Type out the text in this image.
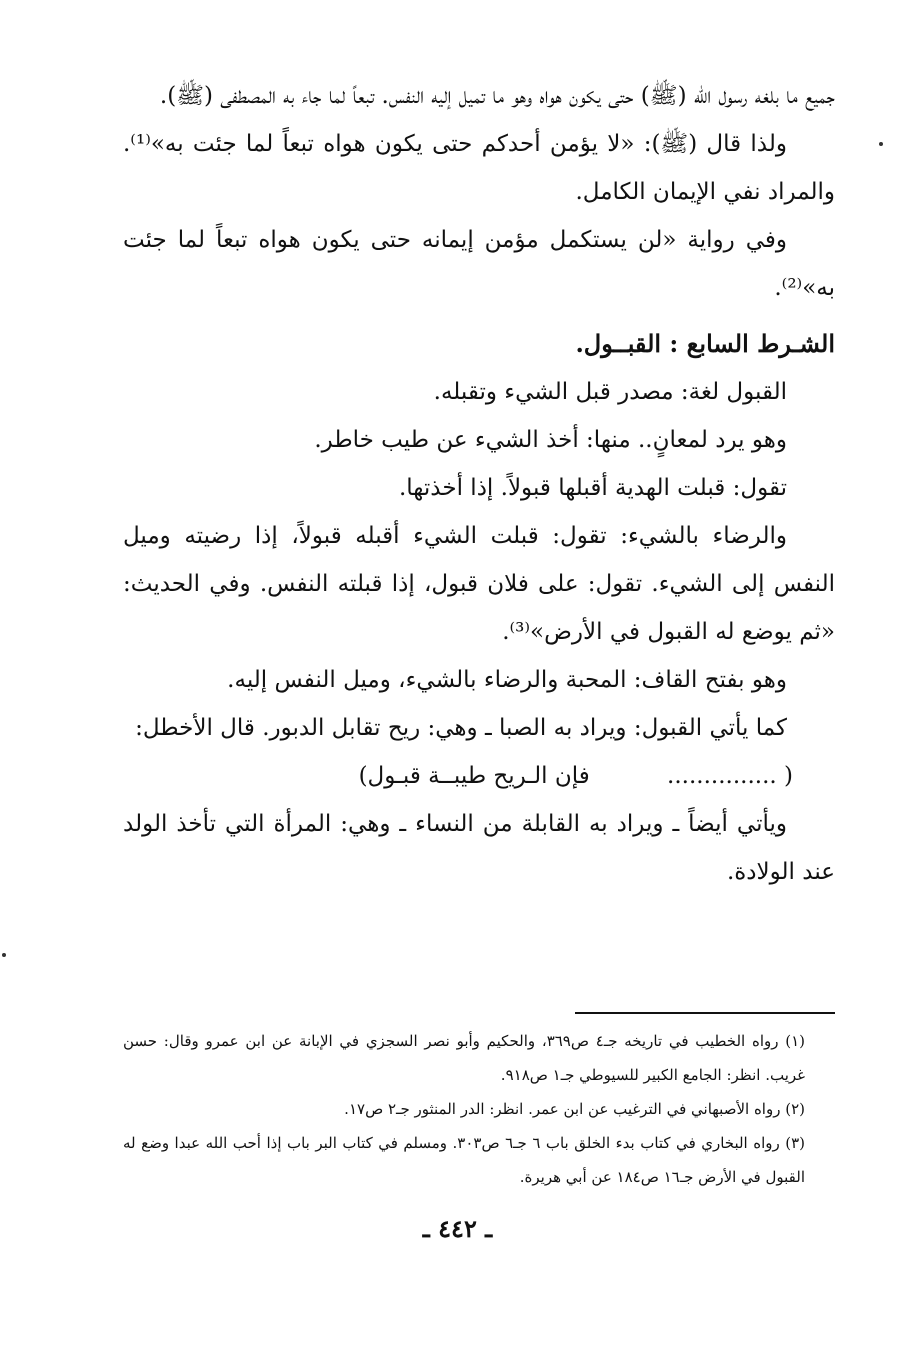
جميع ما بلغه رسول الله (ﷺ) حتى يكون هواه وهو ما تميل إليه النفس. تبعاً لما جاء به المصطفى (ﷺ).

ولذا قال (ﷺ): «لا يؤمن أحدكم حتى يكون هواه تبعاً لما جئت به»⁽¹⁾. والمراد نفي الإيمان الكامل.

وفي رواية «لن يستكمل مؤمن إيمانه حتى يكون هواه تبعاً لما جئت به»⁽²⁾.

الشـرط السابع : القبــول.

القبول لغة: مصدر قبل الشيء وتقبله.

وهو يرد لمعانٍ.. منها: أخذ الشيء عن طيب خاطر.

تقول: قبلت الهدية أقبلها قبولاً. إذا أخذتها.

والرضاء بالشيء: تقول: قبلت الشيء أقبله قبولاً، إذا رضيته وميل النفس إلى الشيء. تقول: على فلان قبول، إذا قبلته النفس. وفي الحديث: «ثم يوضع له القبول في الأرض»⁽³⁾.

وهو بفتح القاف: المحبة والرضاء بالشيء، وميل النفس إليه.

كما يأتي القبول: ويراد به الصبا ـ وهي: ريح تقابل الدبور. قال الأخطل:

( ............... فإن الـريح طيبــة قبـول)

ويأتي أيضاً ـ ويراد به القابلة من النساء ـ وهي: المرأة التي تأخذ الولد عند الولادة.

(١) رواه الخطيب في تاريخه جـ٤ ص٣٦٩، والحكيم وأبو نصر السجزي في الإبانة عن ابن عمرو وقال: حسن غريب. انظر: الجامع الكبير للسيوطي جـ١ ص٩١٨.

(٢) رواه الأصبهاني في الترغيب عن ابن عمر. انظر: الدر المنثور جـ٢ ص١٧.

(٣) رواه البخاري في كتاب بدء الخلق باب ٦ جـ٦ ص٣٠٣. ومسلم في كتاب البر باب إذا أحب الله عبدا وضع له القبول في الأرض جـ١٦ ص١٨٤ عن أبي هريرة.

ـ ٤٤٢ ـ
